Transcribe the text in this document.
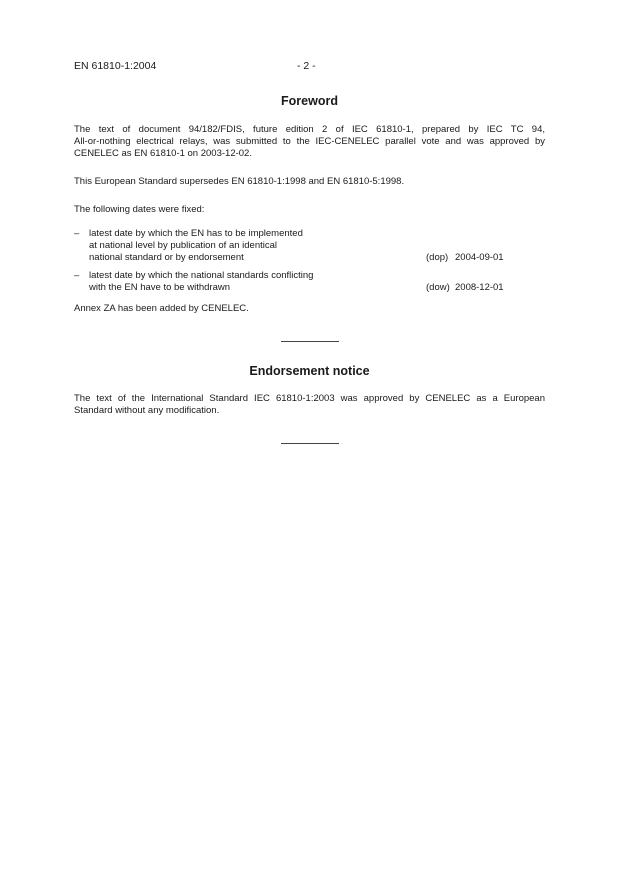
EN 61810-1:2004	- 2 -
Foreword
The text of document 94/182/FDIS, future edition 2 of IEC 61810-1, prepared by IEC TC 94,
All-or-nothing electrical relays, was submitted to the IEC-CENELEC parallel vote and was approved by
CENELEC as EN 61810-1 on 2003-12-02.
This European Standard supersedes EN 61810-1:1998 and EN 61810-5:1998.
The following dates were fixed:
– latest date by which the EN has to be implemented
at national level by publication of an identical
national standard or by endorsement	(dop) 2004-09-01
– latest date by which the national standards conflicting
with the EN have to be withdrawn	(dow) 2008-12-01
Annex ZA has been added by CENELEC.
Endorsement notice
The text of the International Standard IEC 61810-1:2003 was approved by CENELEC as a European
Standard without any modification.
